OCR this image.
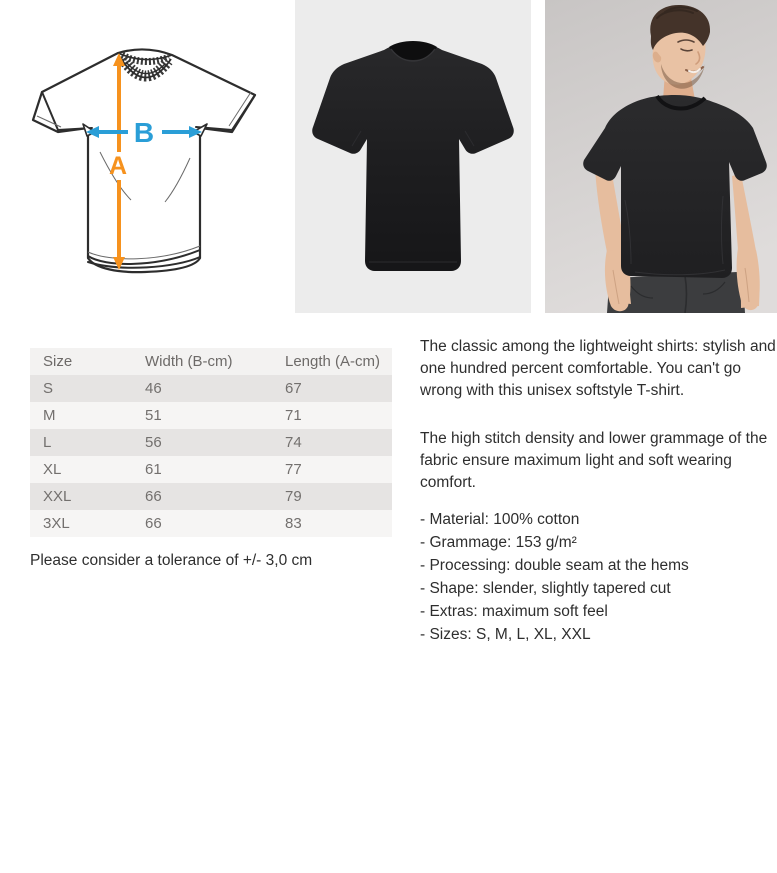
B
A
Size	Width (B-cm)	Length (A-cm)
S	46	67
M	51	71
L	56	74
XL	61	77
XXL	66	79
3XL	66	83
Please consider a tolerance of +/- 3,0 cm

The classic among the lightweight shirts: stylish and one hundred percent comfortable. You can't go wrong with this unisex softstyle T-shirt.

The high stitch density and lower grammage of the fabric ensure maximum light and soft wearing comfort.

- Material: 100% cotton
- Grammage: 153 g/m²
- Processing: double seam at the hems
- Shape: slender, slightly tapered cut
- Extras: maximum soft feel
- Sizes: S, M, L, XL, XXL
